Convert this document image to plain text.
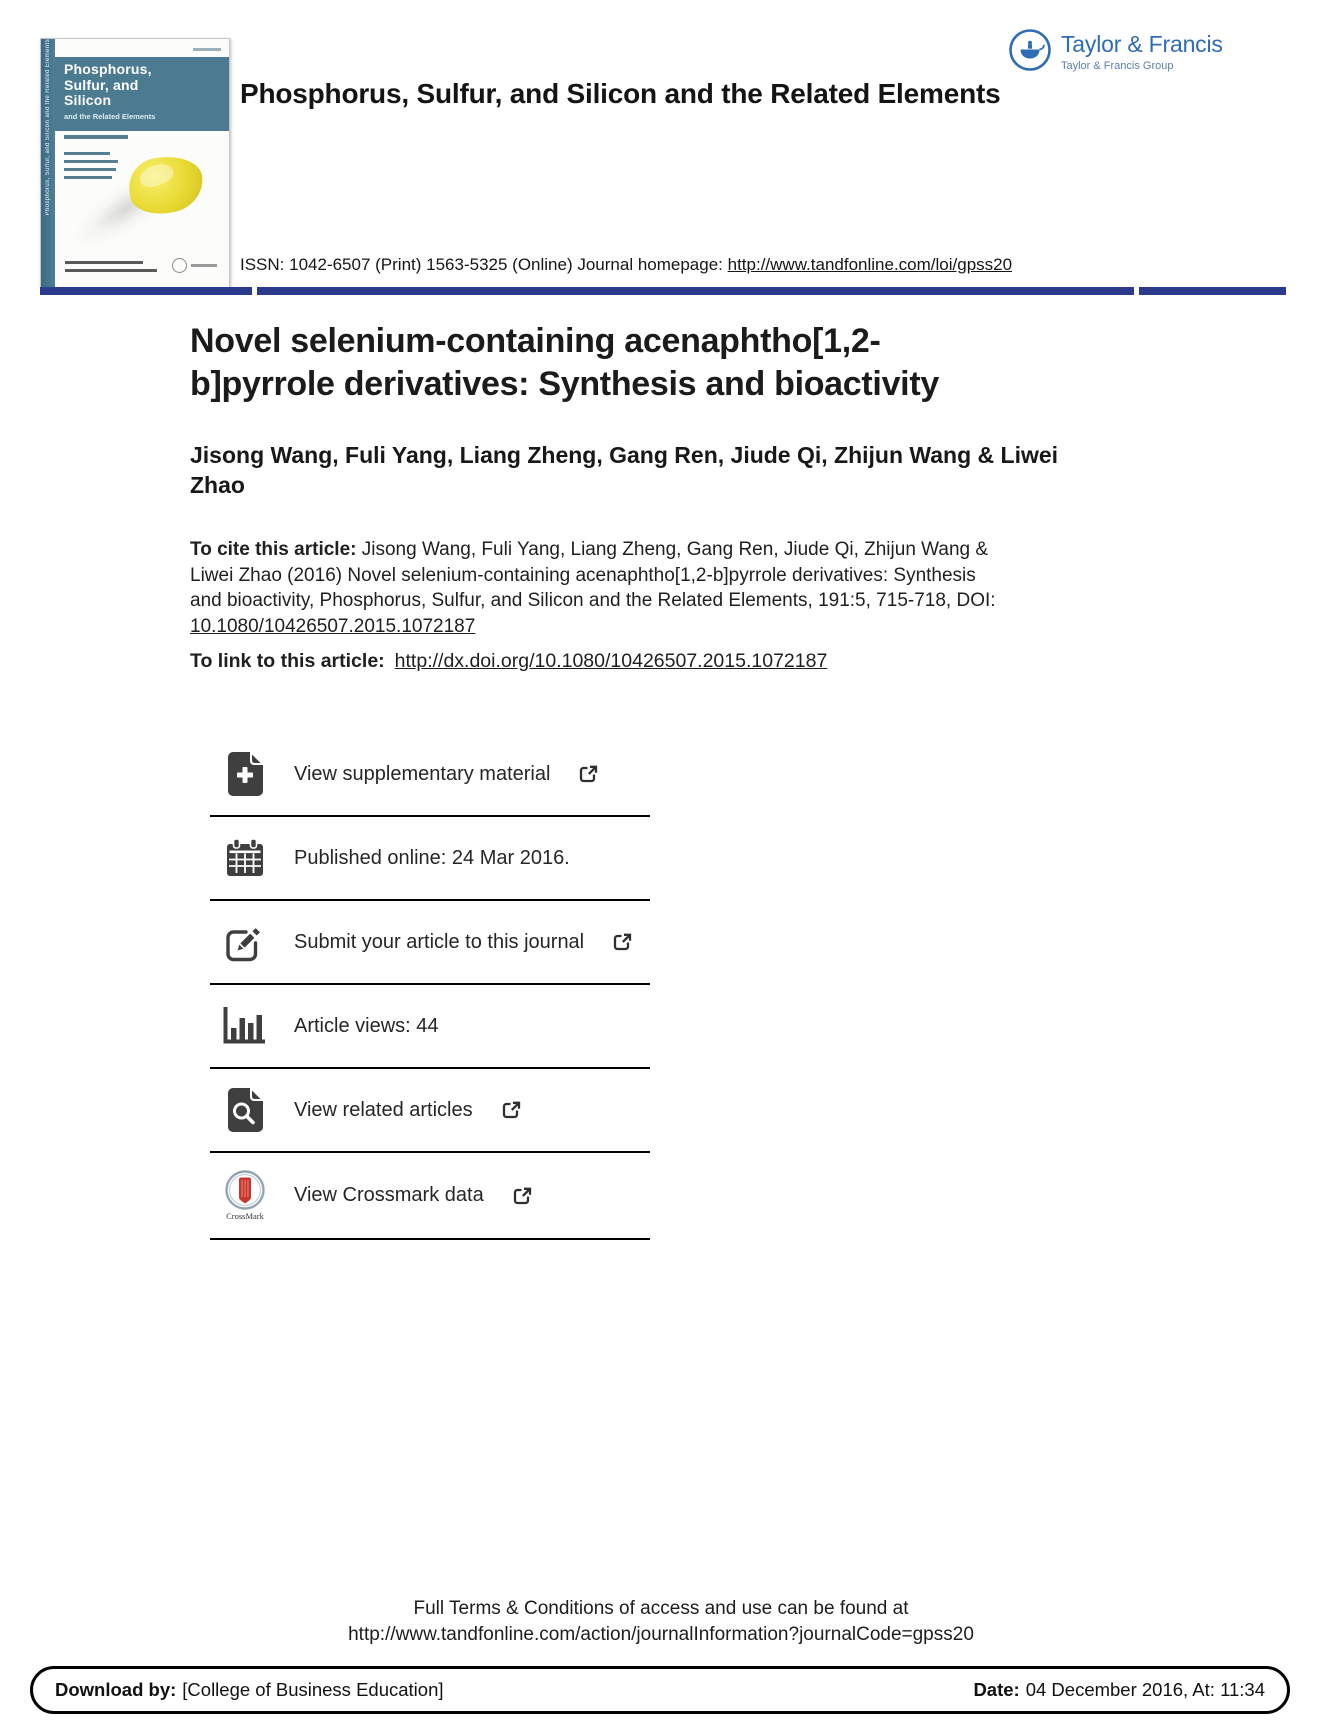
Phosphorus, Sulfur, and Silicon and the Related Elements Phosphorus,
Sulfur, and
Silicon
and the Related Elements
Taylor & Francis
Taylor & Francis Group
Phosphorus, Sulfur, and Silicon and the Related Elements
ISSN: 1042-6507 (Print) 1563-5325 (Online) Journal homepage: http://www.tandfonline.com/loi/gpss20
Novel selenium-containing acenaphtho[1,2-
b]pyrrole derivatives: Synthesis and bioactivity
Jisong Wang, Fuli Yang, Liang Zheng, Gang Ren, Jiude Qi, Zhijun Wang & Liwei
Zhao
To cite this article: Jisong Wang, Fuli Yang, Liang Zheng, Gang Ren, Jiude Qi, Zhijun Wang &
Liwei Zhao (2016) Novel selenium-containing acenaphtho[1,2-b]pyrrole derivatives: Synthesis
and bioactivity, Phosphorus, Sulfur, and Silicon and the Related Elements, 191:5, 715-718, DOI:
10.1080/10426507.2015.1072187
To link to this article: http://dx.doi.org/10.1080/10426507.2015.1072187
View supplementary material
Published online: 24 Mar 2016.
Submit your article to this journal
Article views: 44
View related articles
CrossMark
View Crossmark data
Full Terms & Conditions of access and use can be found at
http://www.tandfonline.com/action/journalInformation?journalCode=gpss20
Download by: [College of Business Education]	Date: 04 December 2016, At: 11:34
